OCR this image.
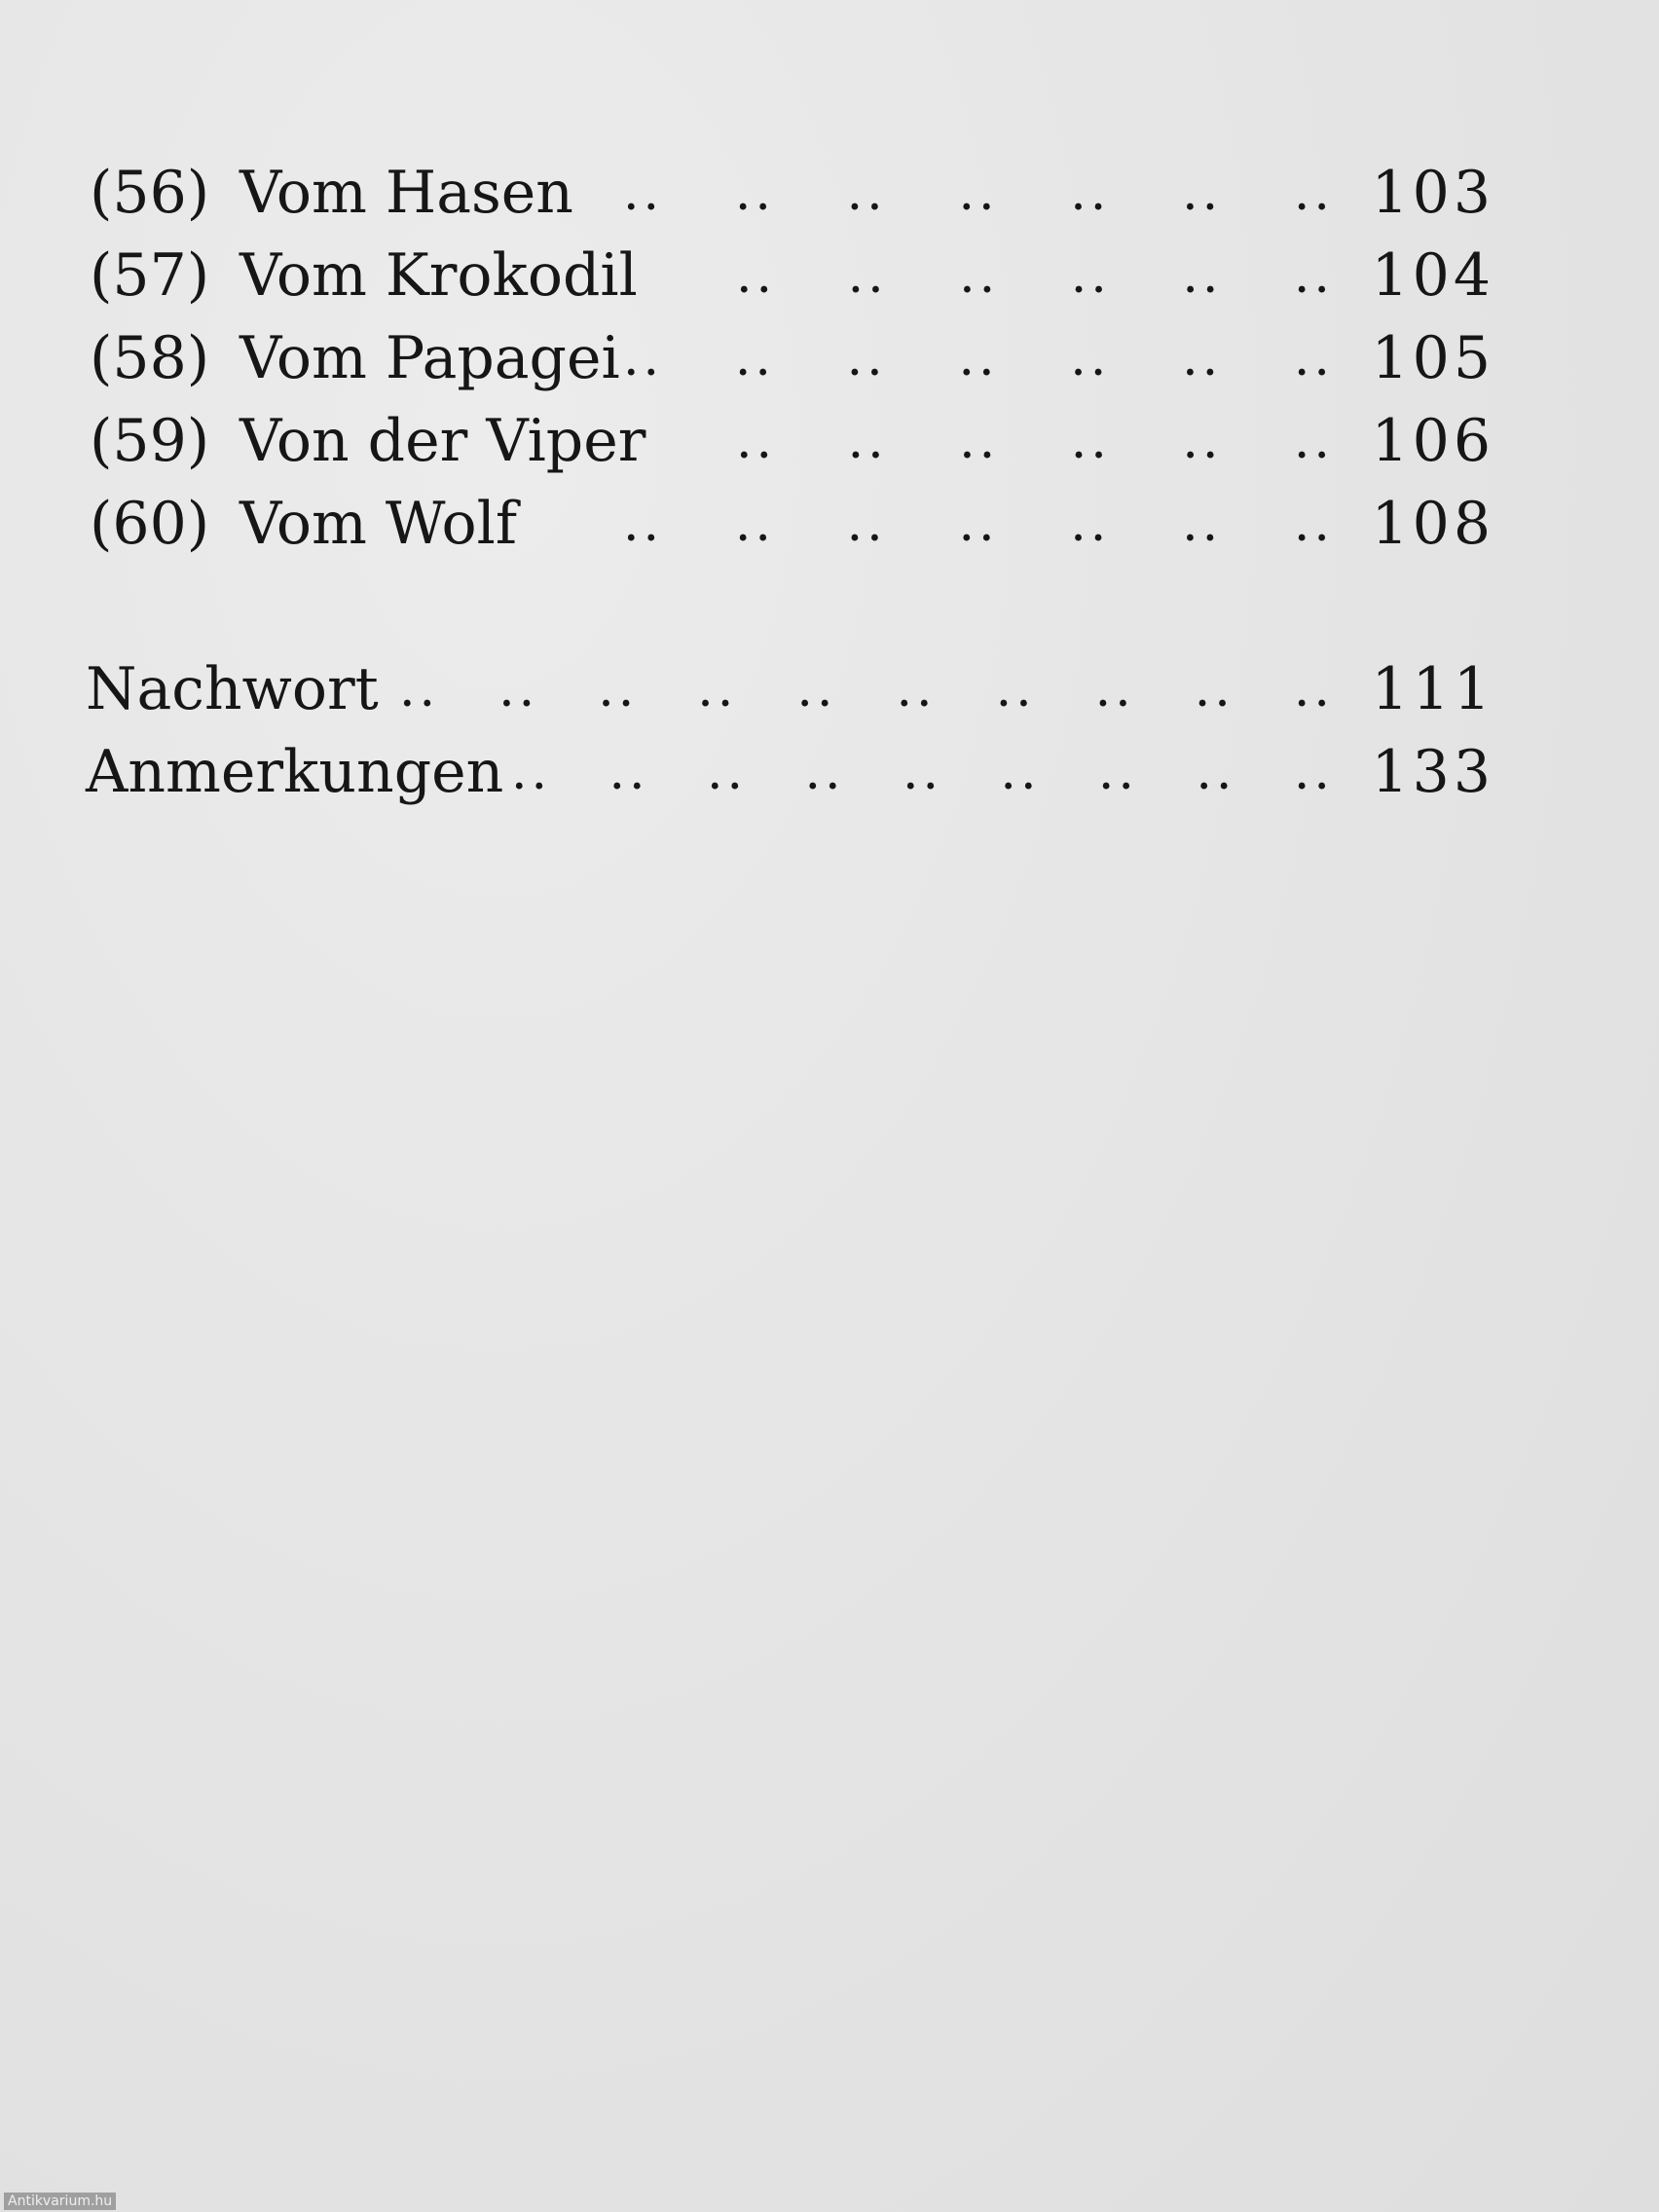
(56) Vom Hasen .. .. .. .. .. .. .. 103
(57) Vom Krokodil .. .. .. .. .. .. 104
(58) Vom Papagei .. .. .. .. .. .. .. 105
(59) Von der Viper .. .. .. .. .. .. 106
(60) Vom Wolf .. .. .. .. .. .. .. 108
Nachwort .. .. .. .. .. .. .. .. .. .. 111
Anmerkungen .. .. .. .. .. .. .. .. .. 133
Antikvarium.hu
